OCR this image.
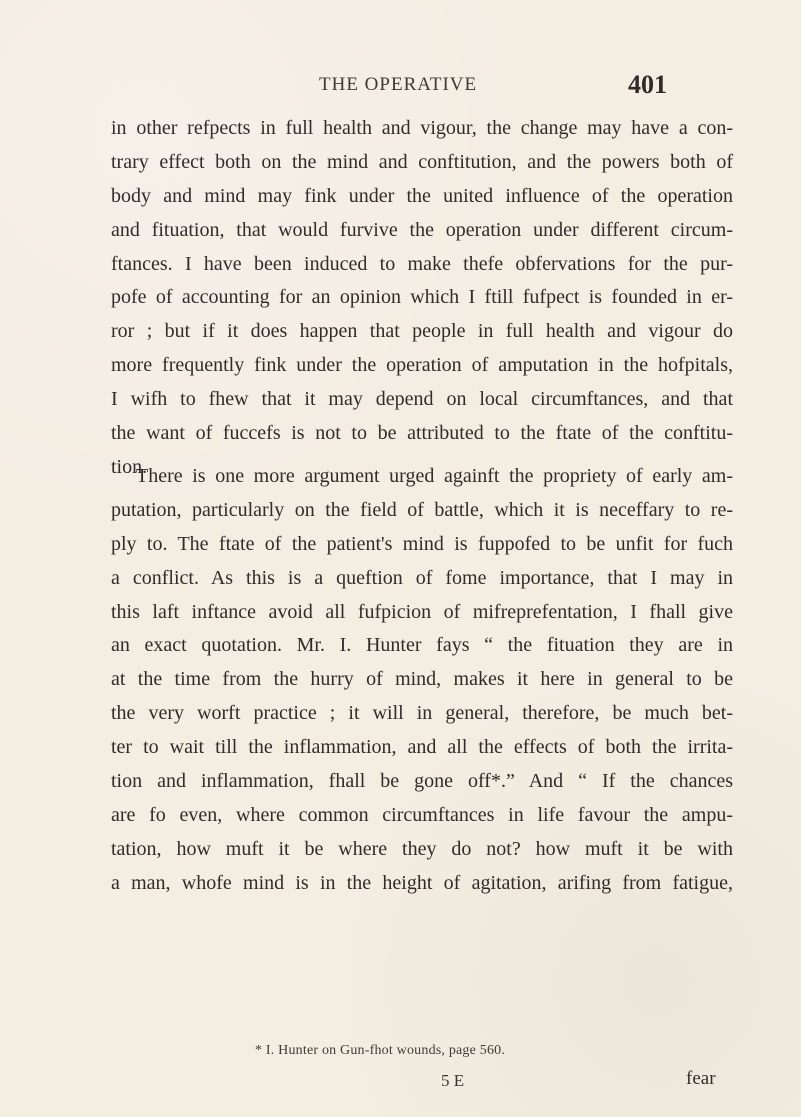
THE OPERATIVE	401
in other refpects in full health and vigour, the change may have a con-
trary effect both on the mind and conftitution, and the powers both of
body and mind may fink under the united influence of the operation
and fituation, that would furvive the operation under different circum-
ftances. I have been induced to make thefe obfervations for the pur-
pofe of accounting for an opinion which I ftill fufpect is founded in er-
ror ; but if it does happen that people in full health and vigour do
more frequently fink under the operation of amputation in the hofpitals,
I wifh to fhew that it may depend on local circumftances, and that
the want of fuccefs is not to be attributed to the ftate of the conftitu-
tion.
There is one more argument urged againft the propriety of early am-
putation, particularly on the field of battle, which it is neceffary to re-
ply to. The ftate of the patient's mind is fuppofed to be unfit for fuch
a conflict. As this is a queftion of fome importance, that I may in
this laft inftance avoid all fufpicion of mifreprefentation, I fhall give
an exact quotation. Mr. I. Hunter fays “ the fituation they are in
at the time from the hurry of mind, makes it here in general to be
the very worft practice ; it will in general, therefore, be much bet-
ter to wait till the inflammation, and all the effects of both the irrita-
tion and inflammation, fhall be gone off*.” And “ If the chances
are fo even, where common circumftances in life favour the ampu-
tation, how muft it be where they do not? how muft it be with
a man, whofe mind is in the height of agitation, arifing from fatigue,
* I. Hunter on Gun-fhot wounds, page 560.
5 E	fear
